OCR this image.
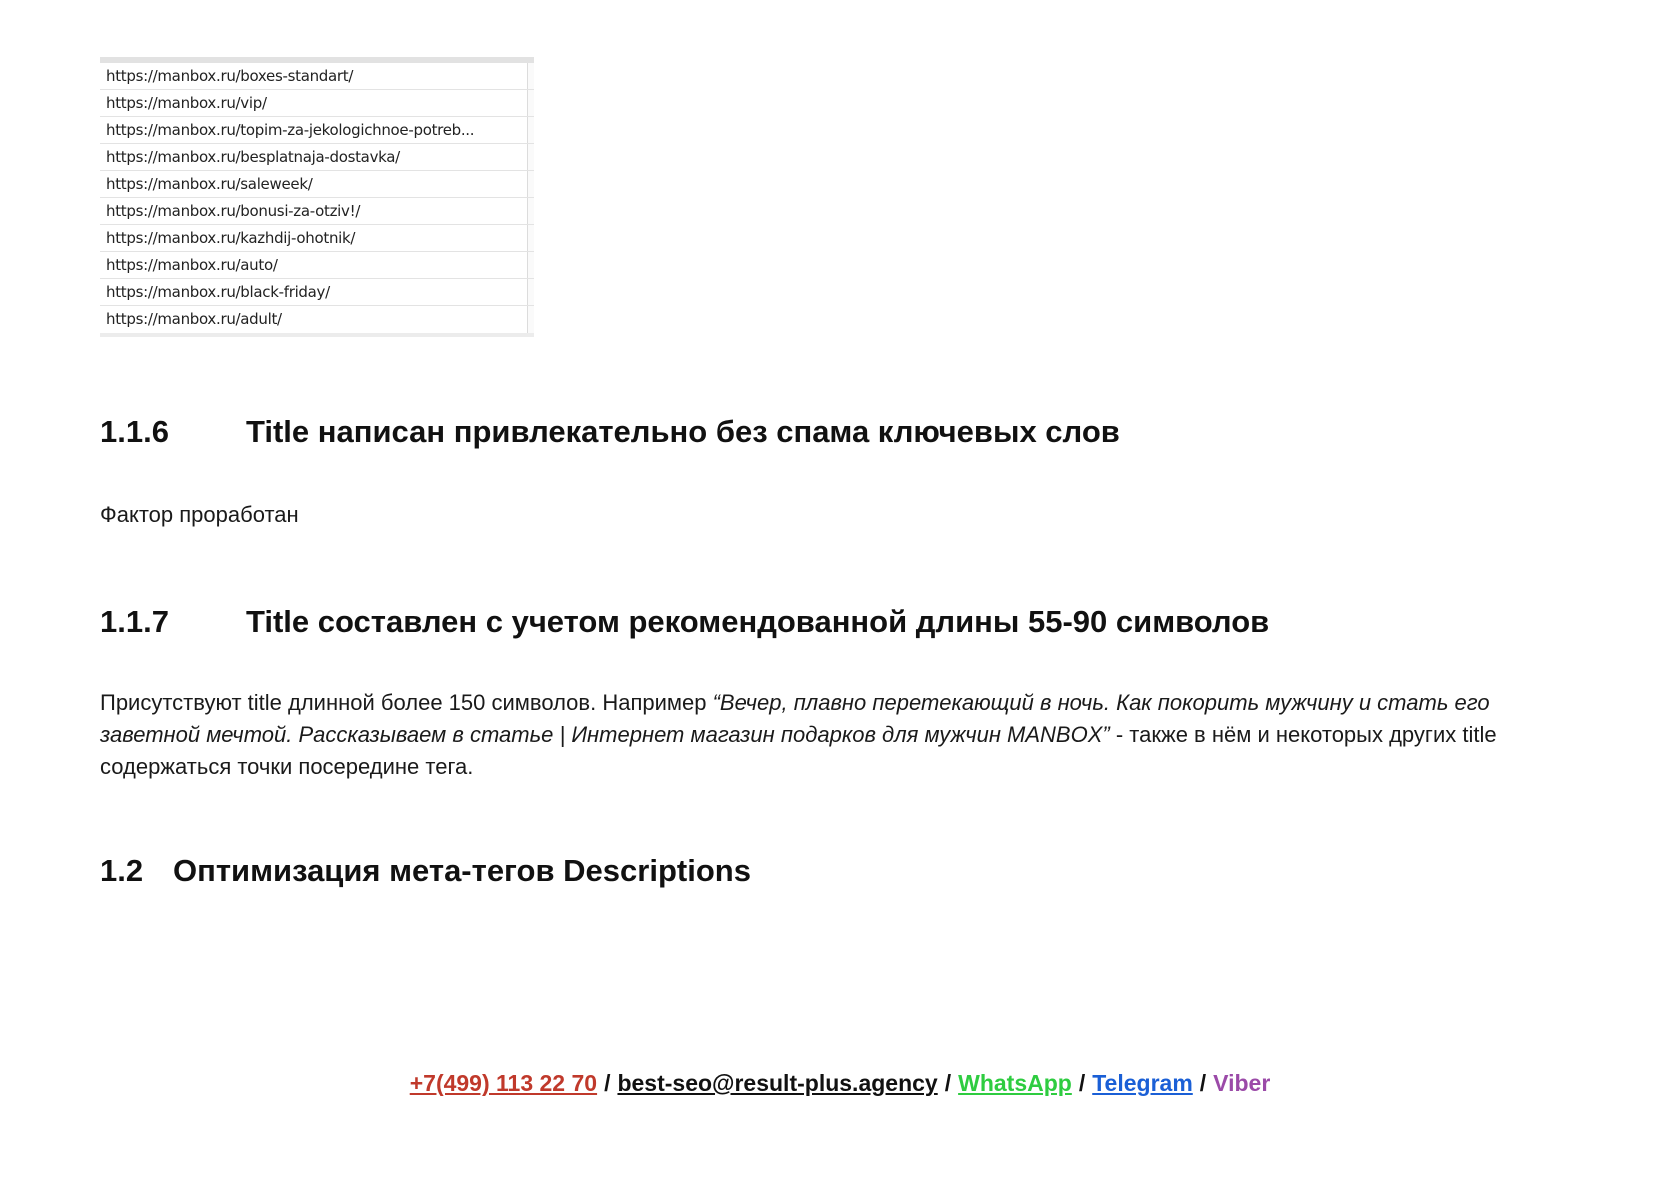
https://manbox.ru/boxes-standart/
https://manbox.ru/vip/
https://manbox.ru/topim-za-jekologichnoe-potreb...
https://manbox.ru/besplatnaja-dostavka/
https://manbox.ru/saleweek/
https://manbox.ru/bonusi-za-otziv!/
https://manbox.ru/kazhdij-ohotnik/
https://manbox.ru/auto/
https://manbox.ru/black-friday/
https://manbox.ru/adult/
1.1.6	Title написан привлекательно без спама ключевых слов
Фактор проработан
1.1.7	Title составлен с учетом рекомендованной длины 55-90 символов
Присутствуют title длинной более 150 символов. Например “Вечер, плавно перетекающий в ночь. Как покорить мужчину и стать его заветной мечтой. Рассказываем в статье | Интернет магазин подарков для мужчин MANBOX” - также в нём и некоторых других title содержаться точки посередине тега.
1.2 Оптимизация мета-тегов Descriptions
+7(499) 113 22 70 / best-seo@result-plus.agency / WhatsApp / Telegram / Viber
